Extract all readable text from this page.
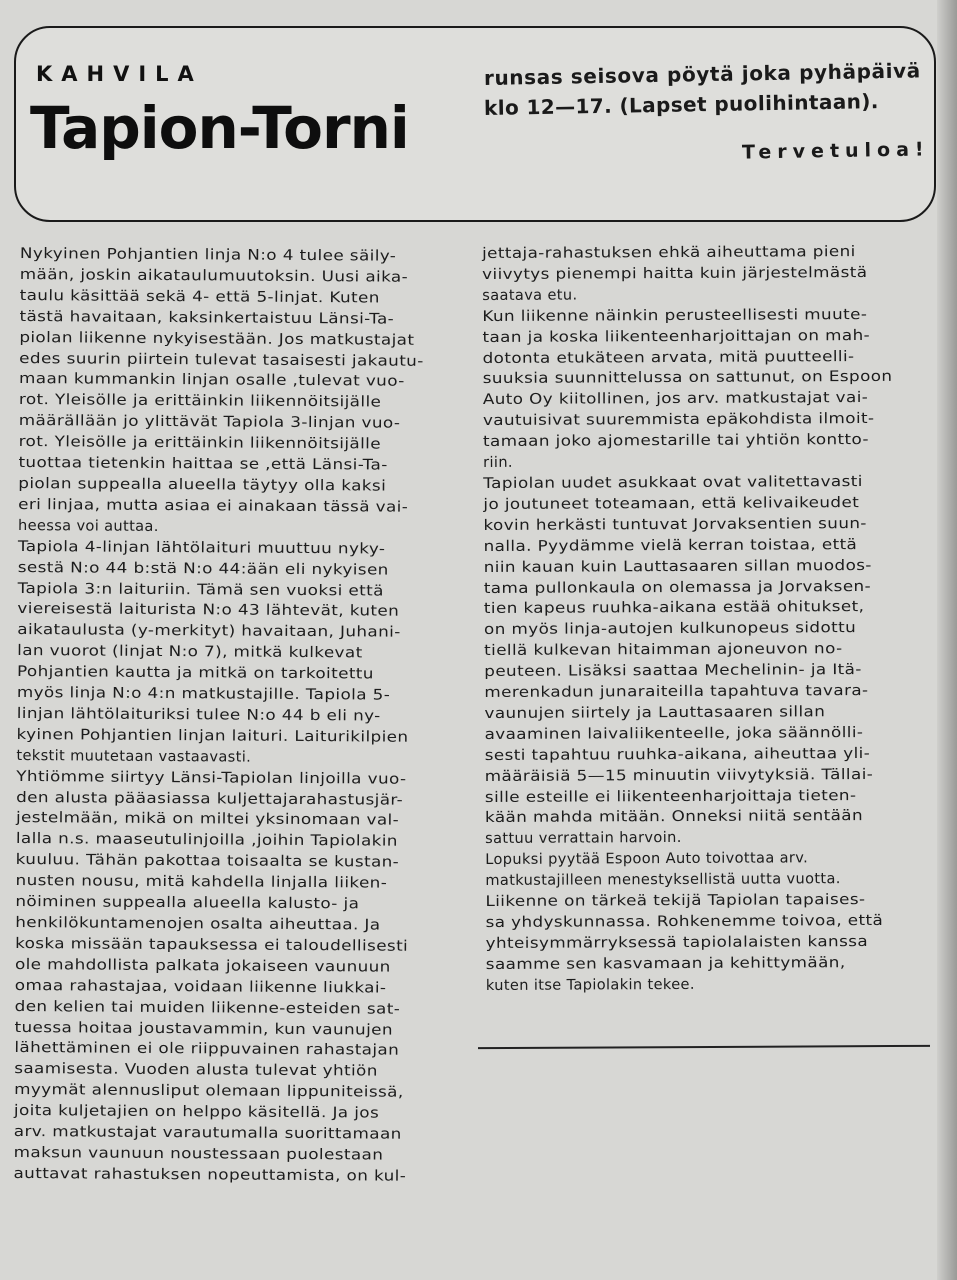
KAHVILA
Tapion-Torni
runsas seisova pöytä joka pyhäpäivä
klo 12—17. (Lapset puolihintaan).
Tervetuloa!
Nykyinen Pohjantien linja N:o 4 tulee säily-
mään, joskin aikataulumuutoksin. Uusi aika-
taulu käsittää sekä 4- että 5-linjat. Kuten
tästä havaitaan, kaksinkertaistuu Länsi-Ta-
piolan liikenne nykyisestään. Jos matkustajat
edes suurin piirtein tulevat tasaisesti jakautu-
maan kummankin linjan osalle ,tulevat vuo-
rot. Yleisölle ja erittäinkin liikennöitsijälle
määrällään jo ylittävät Tapiola 3-linjan vuo-
rot. Yleisölle ja erittäinkin liikennöitsijälle
tuottaa tietenkin haittaa se ,että Länsi-Ta-
piolan suppealla alueella täytyy olla kaksi
eri linjaa, mutta asiaa ei ainakaan tässä vai-
heessa voi auttaa.
Tapiola 4-linjan lähtölaituri muuttuu nyky-
sestä N:o 44 b:stä N:o 44:ään eli nykyisen
Tapiola 3:n laituriin. Tämä sen vuoksi että
viereisestä laiturista N:o 43 lähtevät, kuten
aikataulusta (y-merkityt) havaitaan, Juhani-
lan vuorot (linjat N:o 7), mitkä kulkevat
Pohjantien kautta ja mitkä on tarkoitettu
myös linja N:o 4:n matkustajille. Tapiola 5-
linjan lähtölaituriksi tulee N:o 44 b eli ny-
kyinen Pohjantien linjan laituri. Laiturikilpien
tekstit muutetaan vastaavasti.
Yhtiömme siirtyy Länsi-Tapiolan linjoilla vuo-
den alusta pääasiassa kuljettajarahastusjär-
jestelmään, mikä on miltei yksinomaan val-
lalla n.s. maaseutulinjoilla ,joihin Tapiolakin
kuuluu. Tähän pakottaa toisaalta se kustan-
nusten nousu, mitä kahdella linjalla liiken-
nöiminen suppealla alueella kalusto- ja
henkilökuntamenojen osalta aiheuttaa. Ja
koska missään tapauksessa ei taloudellisesti
ole mahdollista palkata jokaiseen vaunuun
omaa rahastajaa, voidaan liikenne liukkai-
den kelien tai muiden liikenne-esteiden sat-
tuessa hoitaa joustavammin, kun vaunujen
lähettäminen ei ole riippuvainen rahastajan
saamisesta. Vuoden alusta tulevat yhtiön
myymät alennusliput olemaan lippuniteissä,
joita kuljetajien on helppo käsitellä. Ja jos
arv. matkustajat varautumalla suorittamaan
maksun vaunuun noustessaan puolestaan
auttavat rahastuksen nopeuttamista, on kul-
jettaja-rahastuksen ehkä aiheuttama pieni
viivytys pienempi haitta kuin järjestelmästä
saatava etu.
Kun liikenne näinkin perusteellisesti muute-
taan ja koska liikenteenharjoittajan on mah-
dotonta etukäteen arvata, mitä puutteelli-
suuksia suunnittelussa on sattunut, on Espoon
Auto Oy kiitollinen, jos arv. matkustajat vai-
vautuisivat suuremmista epäkohdista ilmoit-
tamaan joko ajomestarille tai yhtiön kontto-
riin.
Tapiolan uudet asukkaat ovat valitettavasti
jo joutuneet toteamaan, että kelivaikeudet
kovin herkästi tuntuvat Jorvaksentien suun-
nalla. Pyydämme vielä kerran toistaa, että
niin kauan kuin Lauttasaaren sillan muodos-
tama pullonkaula on olemassa ja Jorvaksen-
tien kapeus ruuhka-aikana estää ohitukset,
on myös linja-autojen kulkunopeus sidottu
tiellä kulkevan hitaimman ajoneuvon no-
peuteen. Lisäksi saattaa Mechelinin- ja Itä-
merenkadun junaraiteilla tapahtuva tavara-
vaunujen siirtely ja Lauttasaaren sillan
avaaminen laivaliikenteelle, joka säännölli-
sesti tapahtuu ruuhka-aikana, aiheuttaa yli-
määräisiä 5—15 minuutin viivytyksiä. Tällai-
sille esteille ei liikenteenharjoittaja tieten-
kään mahda mitään. Onneksi niitä sentään
sattuu verrattain harvoin.
Lopuksi pyytää Espoon Auto toivottaa arv.
matkustajilleen menestyksellistä uutta vuotta.
Liikenne on tärkeä tekijä Tapiolan tapaises-
sa yhdyskunnassa. Rohkenemme toivoa, että
yhteisymmärryksessä tapiolalaisten kanssa
saamme sen kasvamaan ja kehittymään,
kuten itse Tapiolakin tekee.
